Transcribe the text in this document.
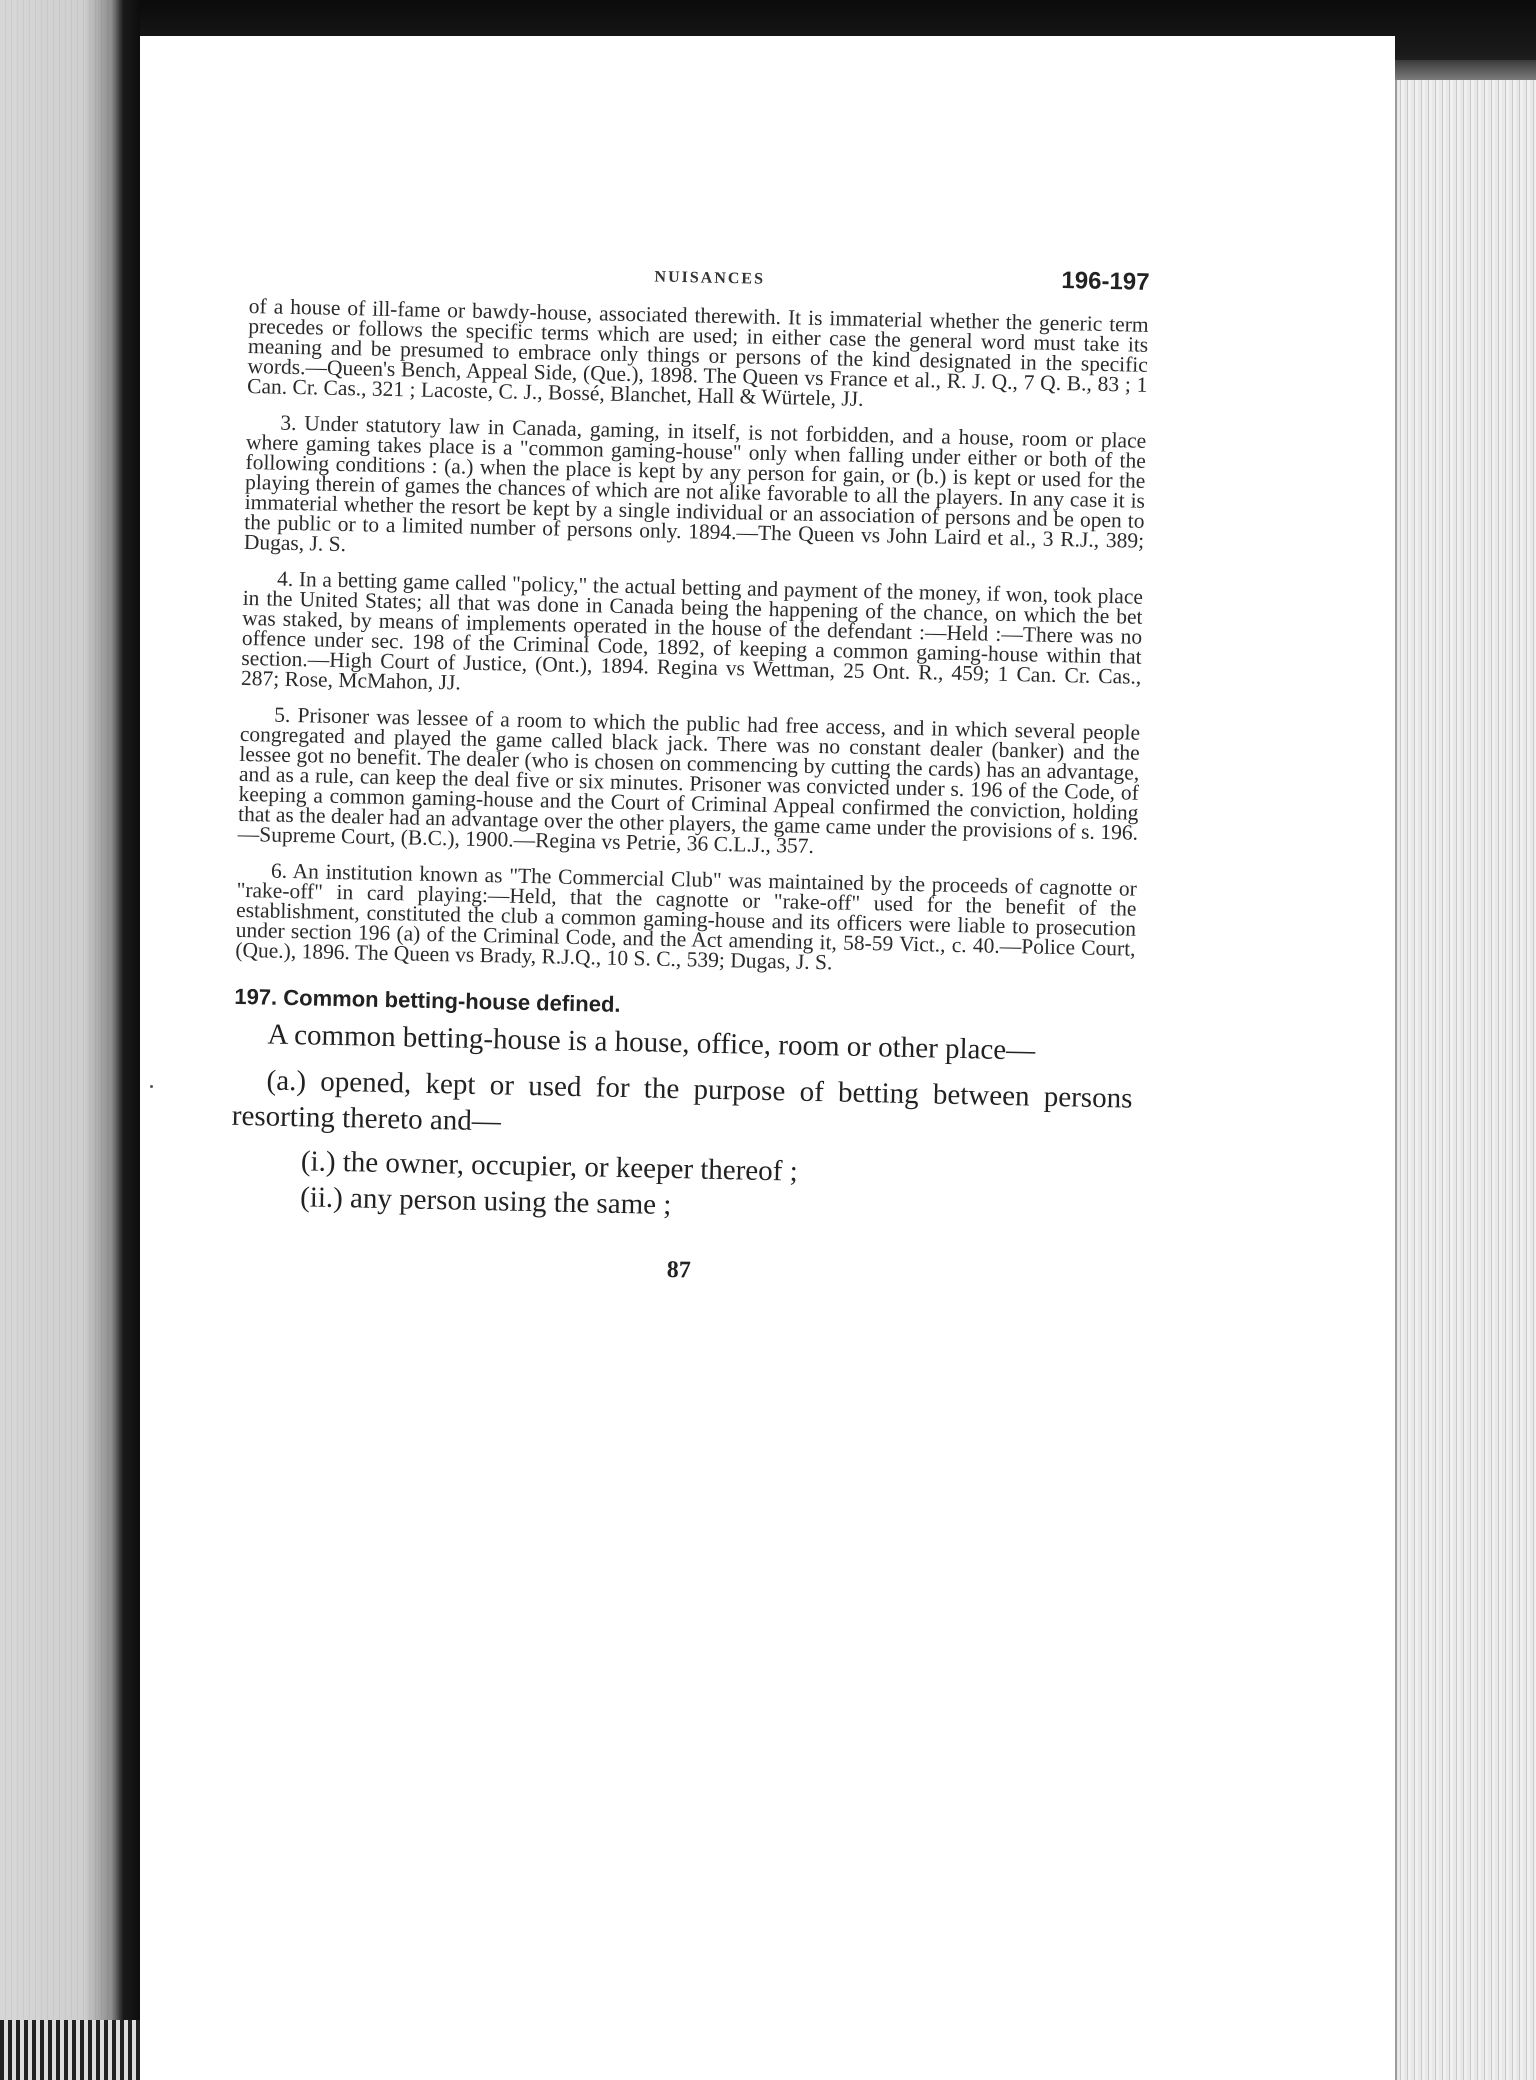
NUISANCES	196-197

of a house of ill-fame or bawdy-house, associated therewith. It is immaterial whether the generic term precedes or follows the specific terms which are used; in either case the general word must take its meaning and be presumed to embrace only things or persons of the kind designated in the specific words.—Queen's Bench, Appeal Side, (Que.), 1898. The Queen vs France et al., R. J. Q., 7 Q. B., 83 ; 1 Can. Cr. Cas., 321 ; Lacoste, C. J., Bossé, Blanchet, Hall & Würtele, JJ.

3. Under statutory law in Canada, gaming, in itself, is not forbidden, and a house, room or place where gaming takes place is a "common gaming-house" only when falling under either or both of the following conditions : (a.) when the place is kept by any person for gain, or (b.) is kept or used for the playing therein of games the chances of which are not alike favorable to all the players. In any case it is immaterial whether the resort be kept by a single individual or an association of persons and be open to the public or to a limited number of persons only. 1894.—The Queen vs John Laird et al., 3 R.J., 389; Dugas, J. S.

4. In a betting game called "policy," the actual betting and payment of the money, if won, took place in the United States; all that was done in Canada being the happening of the chance, on which the bet was staked, by means of implements operated in the house of the defendant :—Held :—There was no offence under sec. 198 of the Criminal Code, 1892, of keeping a common gaming-house within that section.—High Court of Justice, (Ont.), 1894. Regina vs Wettman, 25 Ont. R., 459; 1 Can. Cr. Cas., 287; Rose, McMahon, JJ.

5. Prisoner was lessee of a room to which the public had free access, and in which several people congregated and played the game called black jack. There was no constant dealer (banker) and the lessee got no benefit. The dealer (who is chosen on commencing by cutting the cards) has an advantage, and as a rule, can keep the deal five or six minutes. Prisoner was convicted under s. 196 of the Code, of keeping a common gaming-house and the Court of Criminal Appeal confirmed the conviction, holding that as the dealer had an advantage over the other players, the game came under the provisions of s. 196.—Supreme Court, (B.C.), 1900.—Regina vs Petrie, 36 C.L.J., 357.

6. An institution known as "The Commercial Club" was maintained by the proceeds of cagnotte or "rake-off" in card playing:—Held, that the cagnotte or "rake-off" used for the benefit of the establishment, constituted the club a common gaming-house and its officers were liable to prosecution under section 196 (a) of the Criminal Code, and the Act amending it, 58-59 Vict., c. 40.—Police Court, (Que.), 1896. The Queen vs Brady, R.J.Q., 10 S. C., 539; Dugas, J. S.

197. Common betting-house defined.

A common betting-house is a house, office, room or other place—

(a.) opened, kept or used for the purpose of betting between persons resorting thereto and—

(i.) the owner, occupier, or keeper thereof ;

(ii.) any person using the same ;

87
